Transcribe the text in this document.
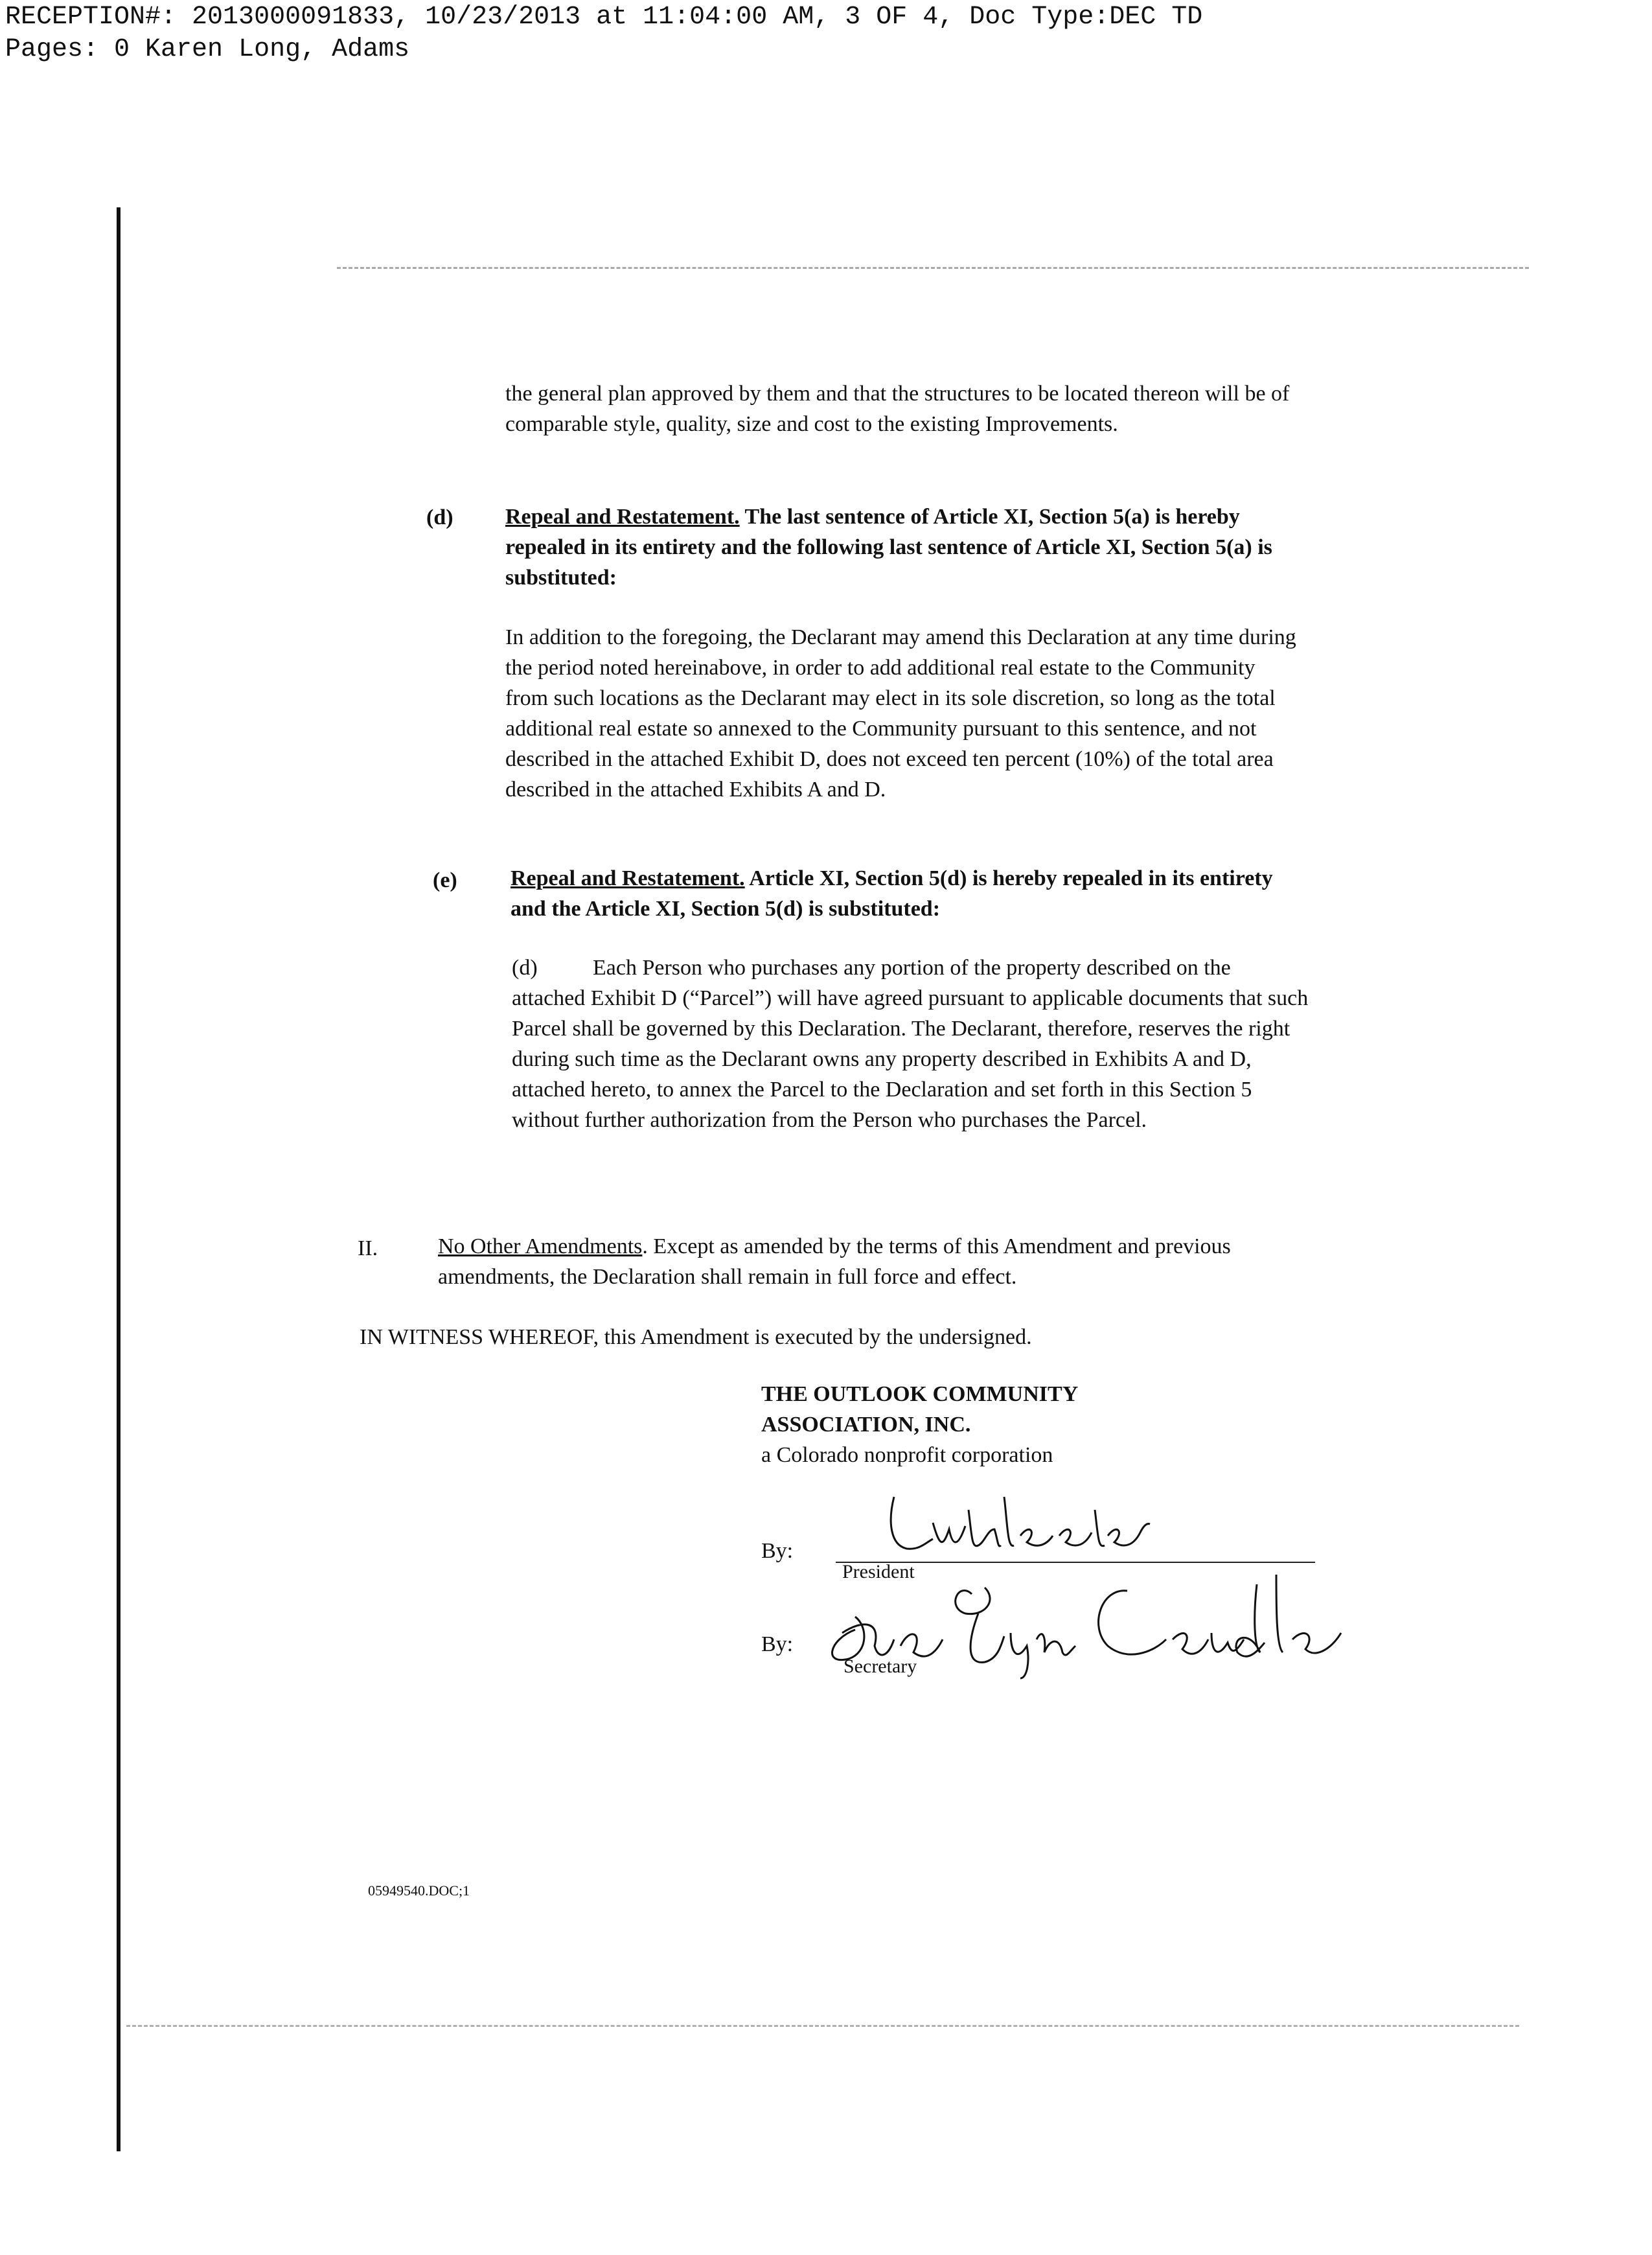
RECEPTION#: 2013000091833, 10/23/2013 at 11:04:00 AM, 3 OF 4, Doc Type:DEC TD
Pages: 0 Karen Long, Adams
the general plan approved by them and that the structures to be located thereon will be of comparable style, quality, size and cost to the existing Improvements.
(d) Repeal and Restatement. The last sentence of Article XI, Section 5(a) is hereby repealed in its entirety and the following last sentence of Article XI, Section 5(a) is substituted:
In addition to the foregoing, the Declarant may amend this Declaration at any time during the period noted hereinabove, in order to add additional real estate to the Community from such locations as the Declarant may elect in its sole discretion, so long as the total additional real estate so annexed to the Community pursuant to this sentence, and not described in the attached Exhibit D, does not exceed ten percent (10%) of the total area described in the attached Exhibits A and D.
(e) Repeal and Restatement. Article XI, Section 5(d) is hereby repealed in its entirety and the Article XI, Section 5(d) is substituted:
(d)	Each Person who purchases any portion of the property described on the attached Exhibit D (“Parcel”) will have agreed pursuant to applicable documents that such Parcel shall be governed by this Declaration. The Declarant, therefore, reserves the right during such time as the Declarant owns any property described in Exhibits A and D, attached hereto, to annex the Parcel to the Declaration and set forth in this Section 5 without further authorization from the Person who purchases the Parcel.
II.	No Other Amendments. Except as amended by the terms of this Amendment and previous amendments, the Declaration shall remain in full force and effect.
IN WITNESS WHEREOF, this Amendment is executed by the undersigned.
THE OUTLOOK COMMUNITY
ASSOCIATION, INC.
a Colorado nonprofit corporation
By:
President
By:
Secretary
05949540.DOC;1
